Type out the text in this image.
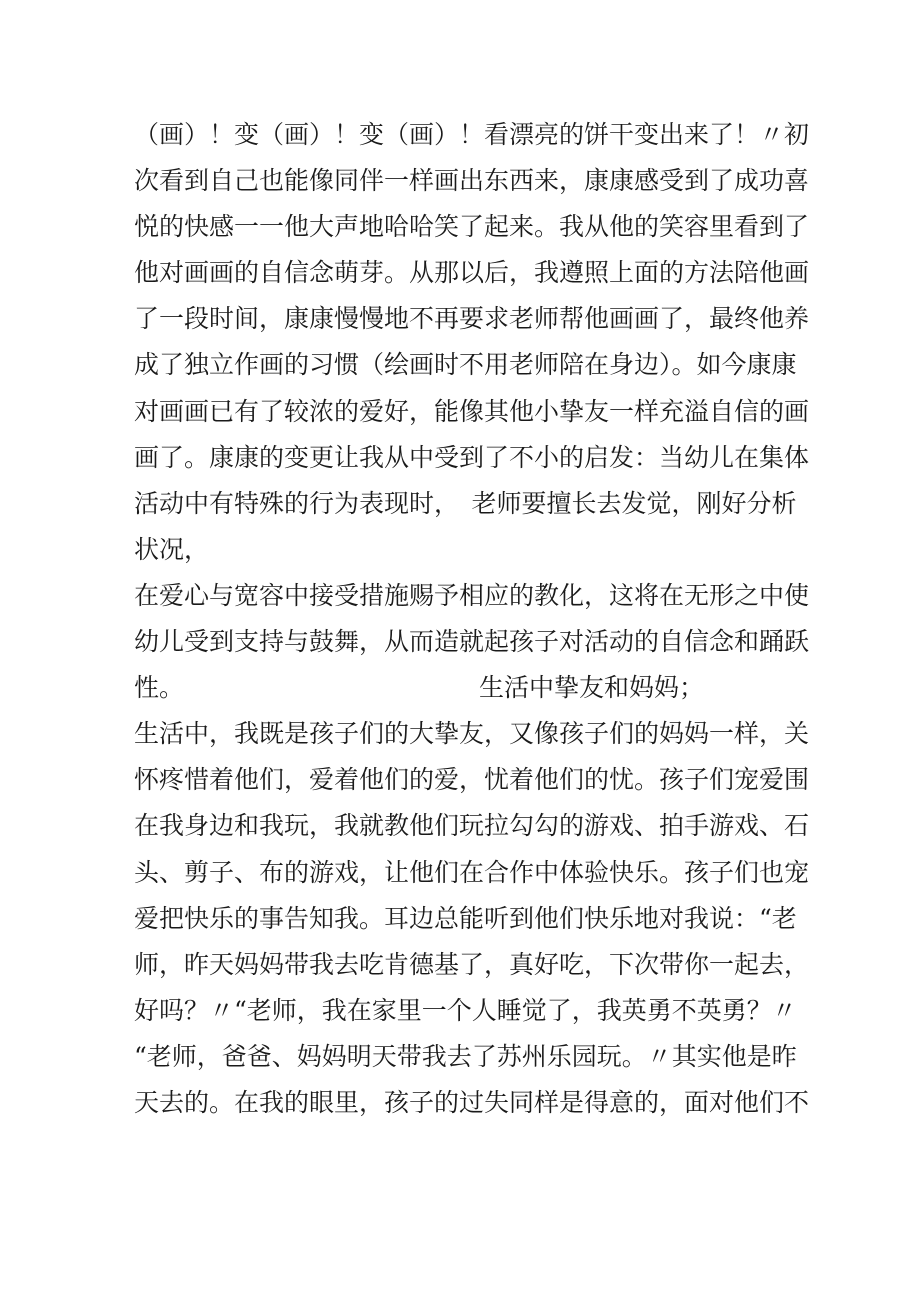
（画）！变（画）！变（画）！看漂亮的饼干变出来了！〃初
次看到自己也能像同伴一样画出东西来，康康感受到了成功喜
悦的快感一一他大声地哈哈笑了起来。我从他的笑容里看到了
他对画画的自信念萌芽。从那以后，我遵照上面的方法陪他画
了一段时间，康康慢慢地不再要求老师帮他画画了，最终他养
成了独立作画的习惯（绘画时不用老师陪在身边）。如今康康
对画画已有了较浓的爱好，能像其他小挚友一样充溢自信的画
画了。康康的变更让我从中受到了不小的启发：当幼儿在集体
活动中有特殊的行为表现时，　老师要擅长去发觉，刚好分析
状况，
在爱心与宽容中接受措施赐予相应的教化，这将在无形之中使
幼儿受到支持与鼓舞，从而造就起孩子对活动的自信念和踊跃
性。	生活中挚友和妈妈；
生活中，我既是孩子们的大挚友，又像孩子们的妈妈一样，关
怀疼惜着他们，爱着他们的爱，忧着他们的忧。孩子们宠爱围
在我身边和我玩，我就教他们玩拉勾勾的游戏、拍手游戏、石
头、剪子、布的游戏，让他们在合作中体验快乐。孩子们也宠
爱把快乐的事告知我。耳边总能听到他们快乐地对我说：“老
师，昨天妈妈带我去吃肯德基了，真好吃，下次带你一起去，
好吗？〃“老师，我在家里一个人睡觉了，我英勇不英勇？〃
“老师，爸爸、妈妈明天带我去了苏州乐园玩。〃其实他是昨
天去的。在我的眼里，孩子的过失同样是得意的，面对他们不
